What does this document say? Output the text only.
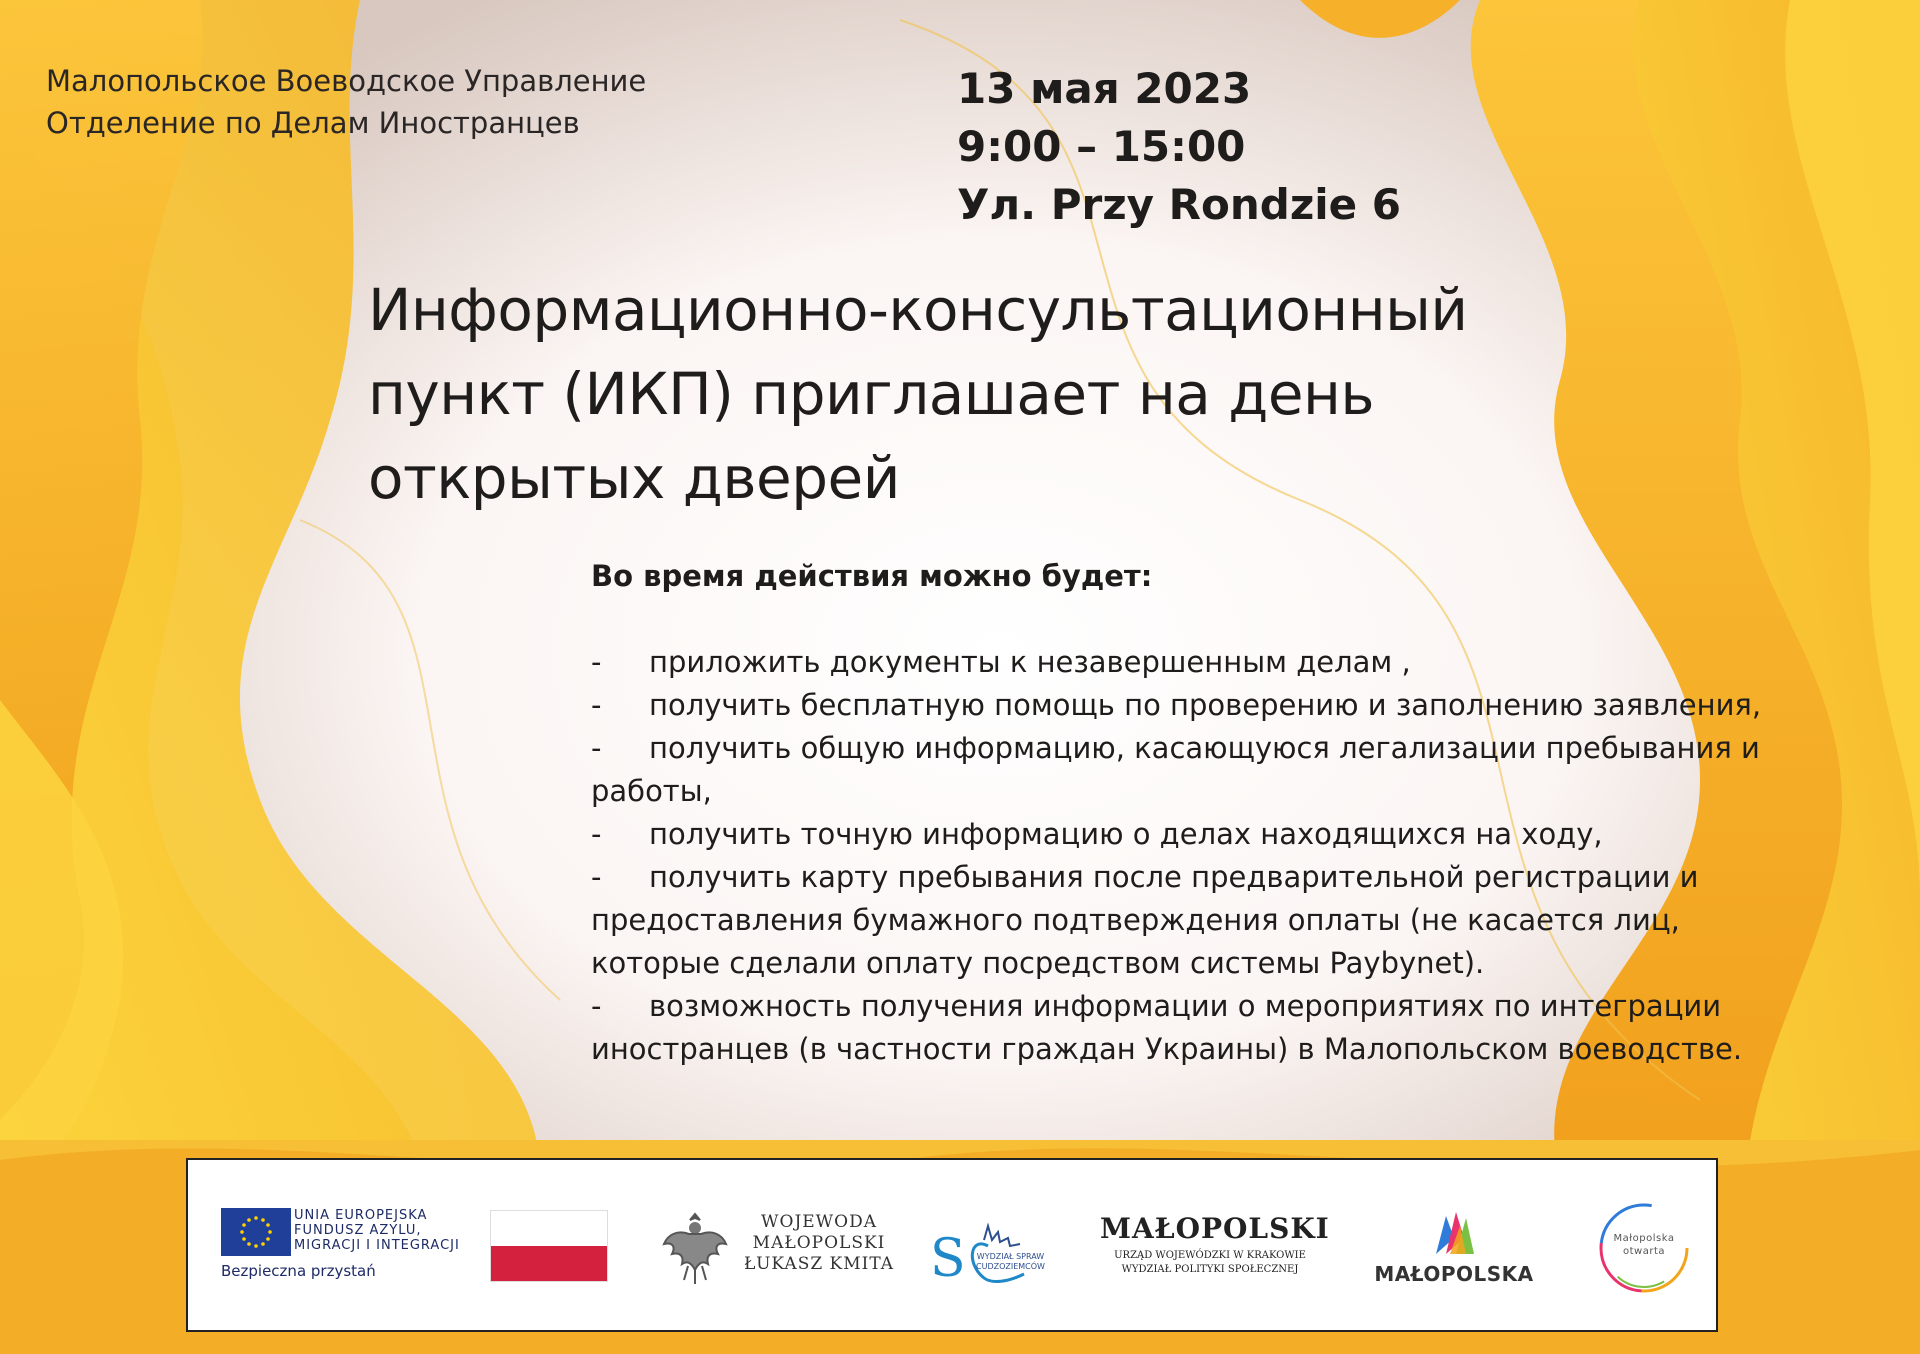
Малопольское Воеводское Управление
Отделение по Делам Иностранцев
13 мая 2023
9:00 – 15:00
Ул. Przy Rondzie 6
Информационно-консультационный
пункт (ИКП) приглашает на день
открытых дверей
Во время действия можно будет:
- приложить документы к незавершенным делам ,
- получить бесплатную помощь по проверению и заполнению заявления,
- получить общую информацию, касающуюся легализации пребывания и работы,
- получить точную информацию о делах находящихся на ходу,
- получить карту пребывания после предварительной регистрации и предоставления бумажного подтверждения оплаты (не касается лиц, которые сделали оплату посредством системы Paybynet).
- возможность получения информации о мероприятиях по интеграции иностранцев (в частности граждан Украины) в Малопольском воеводстве.
UNIA EUROPEJSKA
FUNDUSZ AZYLU,
MIGRACJI I INTEGRACJI
Bezpieczna przystań
WOJEWODA
MAŁOPOLSKI
ŁUKASZ KMITA S WYDZIAŁ SPRAW
CUDZOZIEMCÓW
MAŁOPOLSKI
URZĄD WOJEWÓDZKI W KRAKOWIE
WYDZIAŁ POLITYKI SPOŁECZNEJ	MAŁOPOLSKA
Małopolska
otwarta
